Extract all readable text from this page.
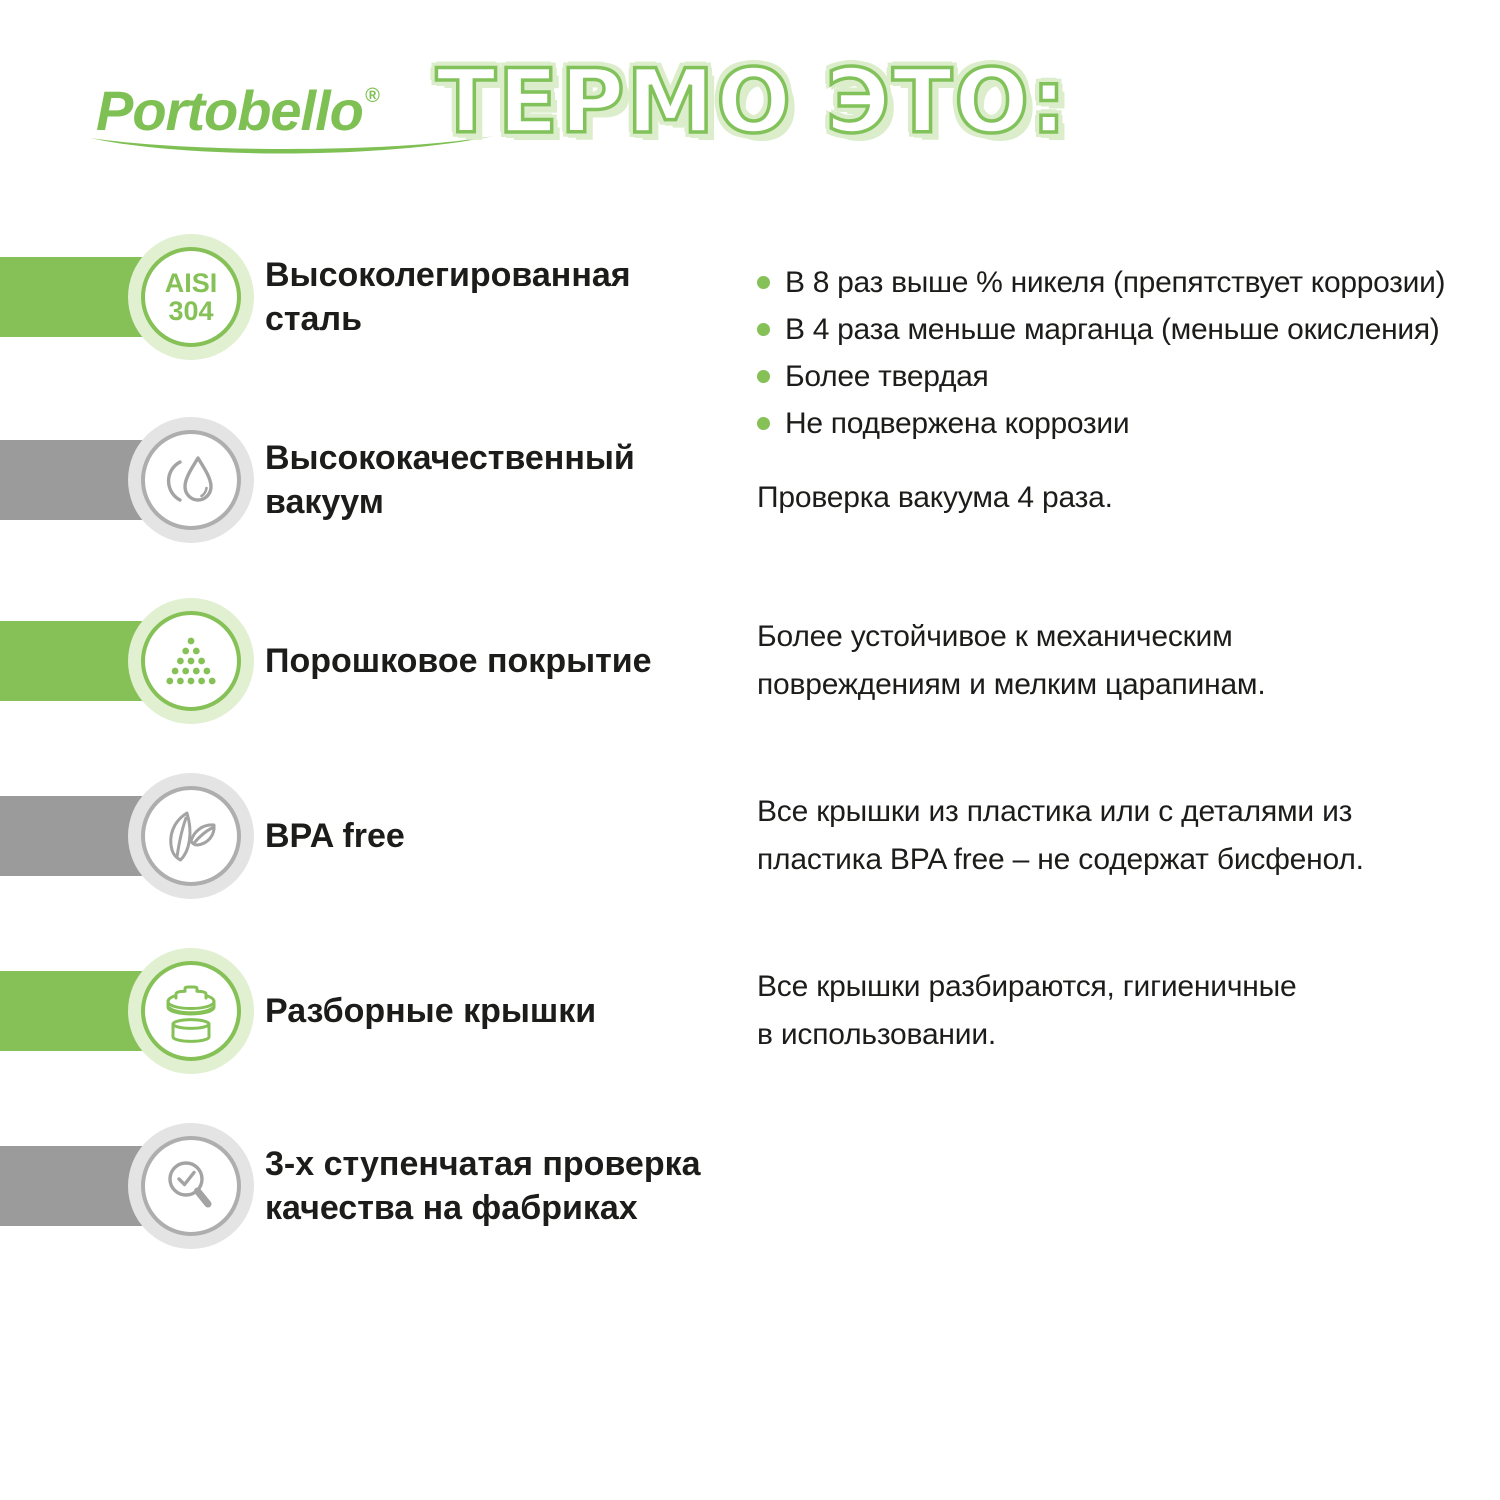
Portobello ® ТЕРМО ЭТО:
AISI
304
Высоколегированная
сталь
В 8 раз выше % никеля (препятствует коррозии)
В 4 раза меньше марганца (меньше окисления)
Более твердая
Не подвержена коррозии
Высококачественный
вакуум	Проверка вакуума 4 раза.

Порошковое покрытие

Более устойчивое к механическим
повреждениям и мелким царапинам.

BPA free

Все крышки из пластика или с деталями из
пластика BPA free – не содержат бисфенол.

Разборные крышки

Все крышки разбираются, гигиеничные
в использовании.

3-х ступенчатая проверка
качества на фабриках
